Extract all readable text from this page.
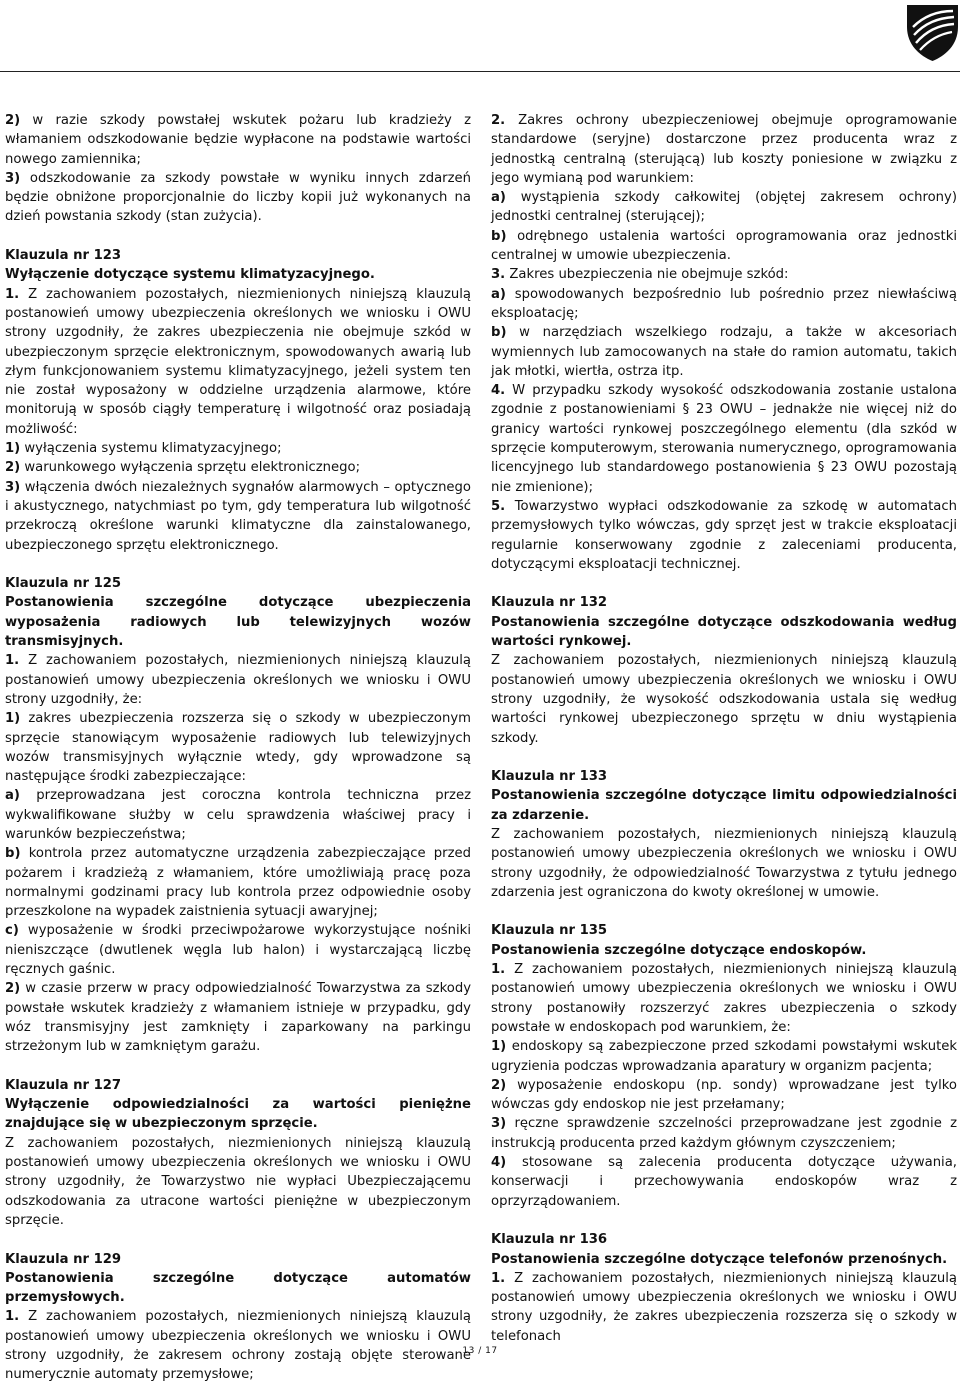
2) w razie szkody powstałej wskutek pożaru lub kradzieży z włamaniem odszkodowanie będzie wypłacone na podstawie wartości nowego zamiennika;

3) odszkodowanie za szkody powstałe w wyniku innych zdarzeń będzie obniżone proporcjonalnie do liczby kopii już wykonanych na dzień powstania szkody (stan zużycia).

Klauzula nr 123

Wyłączenie dotyczące systemu klimatyzacyjnego.

1. Z zachowaniem pozostałych, niezmienionych niniejszą klauzulą postanowień umowy ubezpieczenia określonych we wniosku i OWU strony uzgodniły, że zakres ubezpieczenia nie obejmuje szkód w ubezpieczonym sprzęcie elektronicznym, spowodowanych awarią lub złym funkcjonowaniem systemu klimatyzacyjnego, jeżeli system ten nie został wyposażony w oddzielne urządzenia alarmowe, które monitorują w sposób ciągły temperaturę i wilgotność oraz posiadają możliwość:

1) wyłączenia systemu klimatyzacyjnego;

2) warunkowego wyłączenia sprzętu elektronicznego;

3) włączenia dwóch niezależnych sygnałów alarmowych – optycznego i akustycznego, natychmiast po tym, gdy temperatura lub wilgotność przekroczą określone warunki klimatyczne dla zainstalowanego, ubezpieczonego sprzętu elektronicznego.

Klauzula nr 125

Postanowienia szczególne dotyczące ubezpieczenia wyposażenia radiowych lub telewizyjnych wozów transmisyjnych.

1. Z zachowaniem pozostałych, niezmienionych niniejszą klauzulą postanowień umowy ubezpieczenia określonych we wniosku i OWU strony uzgodniły, że:

1) zakres ubezpieczenia rozszerza się o szkody w ubezpieczonym sprzęcie stanowiącym wyposażenie radiowych lub telewizyjnych wozów transmisyjnych wyłącznie wtedy, gdy wprowadzone są następujące środki zabezpieczające:

a) przeprowadzana jest coroczna kontrola techniczna przez wykwalifikowane służby w celu sprawdzenia właściwej pracy i warunków bezpieczeństwa;

b) kontrola przez automatyczne urządzenia zabezpieczające przed pożarem i kradzieżą z włamaniem, które umożliwiają pracę poza normalnymi godzinami pracy lub kontrola przez odpowiednie osoby przeszkolone na wypadek zaistnienia sytuacji awaryjnej;

c) wyposażenie w środki przeciwpożarowe wykorzystujące nośniki nieniszczące (dwutlenek węgla lub halon) i wystarczającą liczbę ręcznych gaśnic.

2) w czasie przerw w pracy odpowiedzialność Towarzystwa za szkody powstałe wskutek kradzieży z włamaniem istnieje w przypadku, gdy wóz transmisyjny jest zamknięty i zaparkowany na parkingu strzeżonym lub w zamkniętym garażu.

Klauzula nr 127

Wyłączenie odpowiedzialności za wartości pieniężne znajdujące się w ubezpieczonym sprzęcie.

Z zachowaniem pozostałych, niezmienionych niniejszą klauzulą postanowień umowy ubezpieczenia określonych we wniosku i OWU strony uzgodniły, że Towarzystwo nie wypłaci Ubezpieczającemu odszkodowania za utracone wartości pieniężne w ubezpieczonym sprzęcie.

Klauzula nr 129

Postanowienia szczególne dotyczące automatów przemysłowych.

1. Z zachowaniem pozostałych, niezmienionych niniejszą klauzulą postanowień umowy ubezpieczenia określonych we wniosku i OWU strony uzgodniły, że zakresem ochrony zostają objęte sterowane numerycznie automaty przemysłowe;

2. Zakres ochrony ubezpieczeniowej obejmuje oprogramowanie standardowe (seryjne) dostarczone przez producenta wraz z jednostką centralną (sterującą) lub koszty poniesione w związku z jego wymianą pod warunkiem:

a) wystąpienia szkody całkowitej (objętej zakresem ochrony) jednostki centralnej (sterującej);

b) odrębnego ustalenia wartości oprogramowania oraz jednostki centralnej w umowie ubezpieczenia.

3. Zakres ubezpieczenia nie obejmuje szkód:

a) spowodowanych bezpośrednio lub pośrednio przez niewłaściwą eksploatację;

b) w narzędziach wszelkiego rodzaju, a także w akcesoriach wymiennych lub zamocowanych na stałe do ramion automatu, takich jak młotki, wiertła, ostrza itp.

4. W przypadku szkody wysokość odszkodowania zostanie ustalona zgodnie z postanowieniami § 23 OWU – jednakże nie więcej niż do granicy wartości rynkowej poszczególnego elementu (dla szkód w sprzęcie komputerowym, sterowania numerycznego, oprogramowania licencyjnego lub standardowego postanowienia § 23 OWU pozostają nie zmienione);

5. Towarzystwo wypłaci odszkodowanie za szkodę w automatach przemysłowych tylko wówczas, gdy sprzęt jest w trakcie eksploatacji regularnie konserwowany zgodnie z zaleceniami producenta, dotyczącymi eksploatacji technicznej.

Klauzula nr 132

Postanowienia szczególne dotyczące odszkodowania według wartości rynkowej.

Z zachowaniem pozostałych, niezmienionych niniejszą klauzulą postanowień umowy ubezpieczenia określonych we wniosku i OWU strony uzgodniły, że wysokość odszkodowania ustala się według wartości rynkowej ubezpieczonego sprzętu w dniu wystąpienia szkody.

Klauzula nr 133

Postanowienia szczególne dotyczące limitu odpowiedzialności za zdarzenie.

Z zachowaniem pozostałych, niezmienionych niniejszą klauzulą postanowień umowy ubezpieczenia określonych we wniosku i OWU strony uzgodniły, że odpowiedzialność Towarzystwa z tytułu jednego zdarzenia jest ograniczona do kwoty określonej w umowie.

Klauzula nr 135

Postanowienia szczególne dotyczące endoskopów.

1. Z zachowaniem pozostałych, niezmienionych niniejszą klauzulą postanowień umowy ubezpieczenia określonych we wniosku i OWU strony postanowiły rozszerzyć zakres ubezpieczenia o szkody powstałe w endoskopach pod warunkiem, że:

1) endoskopy są zabezpieczone przed szkodami powstałymi wskutek ugryzienia podczas wprowadzania aparatury w organizm pacjenta;

2) wyposażenie endoskopu (np. sondy) wprowadzane jest tylko wówczas gdy endoskop nie jest przełamany;

3) ręczne sprawdzenie szczelności przeprowadzane jest zgodnie z instrukcją producenta przed każdym głównym czyszczeniem;

4) stosowane są zalecenia producenta dotyczące używania, konserwacji i przechowywania endoskopów wraz z oprzyrządowaniem.

Klauzula nr 136

Postanowienia szczególne dotyczące telefonów przenośnych.

1. Z zachowaniem pozostałych, niezmienionych niniejszą klauzulą postanowień umowy ubezpieczenia określonych we wniosku i OWU strony uzgodniły, że zakres ubezpieczenia rozszerza się o szkody w telefonach

13 / 17
